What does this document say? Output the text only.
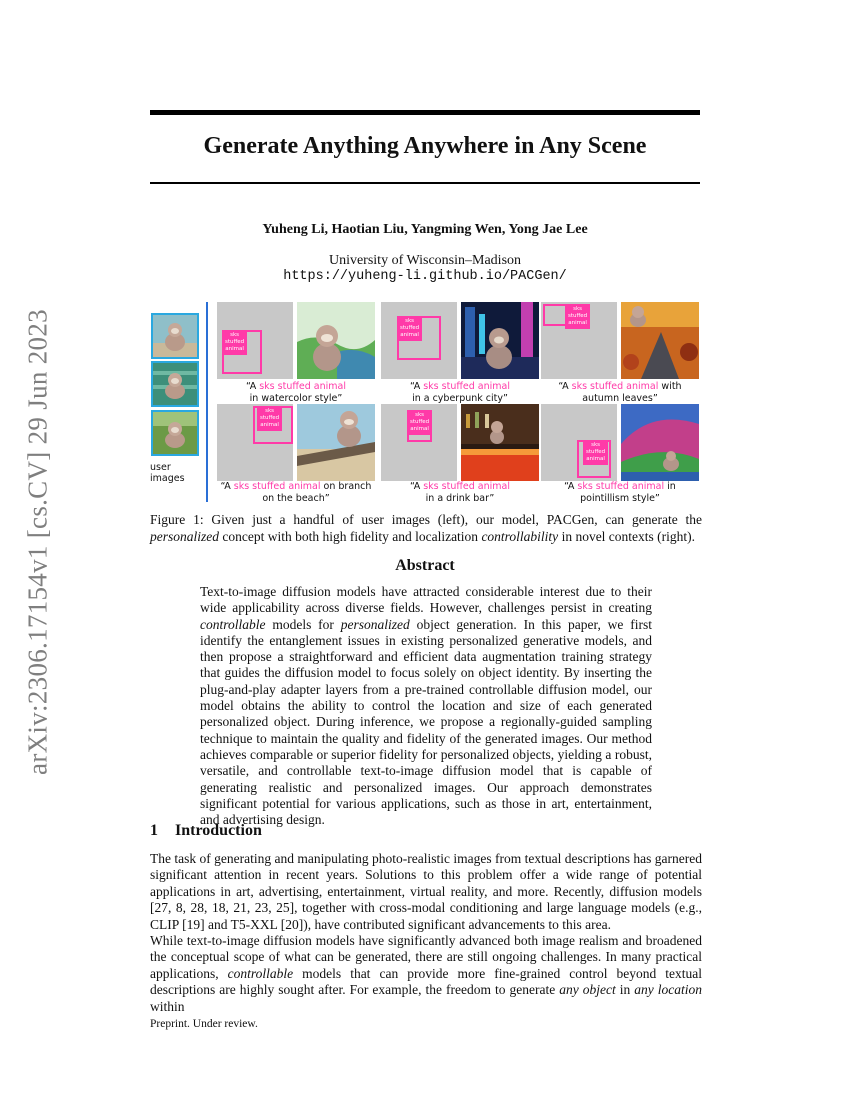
arXiv:2306.17154v1 [cs.CV] 29 Jun 2023
Generate Anything Anywhere in Any Scene
Yuheng Li, Haotian Liu, Yangming Wen, Yong Jae Lee
University of Wisconsin–Madison
https://yuheng-li.github.io/PACGen/
user images
sks
stuffed
animal
“A sks stuffed animal
in watercolor style”
sks
stuffed
animal
“A sks stuffed animal
in a cyberpunk city”
sks
stuffed animal
“A sks stuffed animal with
autumn leaves”
sks
stuffed
animal
“A sks stuffed animal on branch
on the beach”
sks
stuffed
animal
“A sks stuffed animal
in a drink bar”
sks
stuffed
animal
“A sks stuffed animal in
pointillism style”
Figure 1: Given just a handful of user images (left), our model, PACGen, can generate the personalized concept with both high fidelity and localization controllability in novel contexts (right).
Abstract
Text-to-image diffusion models have attracted considerable interest due to their wide applicability across diverse fields. However, challenges persist in creating controllable models for personalized object generation. In this paper, we first identify the entanglement issues in existing personalized generative models, and then propose a straightforward and efficient data augmentation training strategy that guides the diffusion model to focus solely on object identity. By inserting the plug-and-play adapter layers from a pre-trained controllable diffusion model, our model obtains the ability to control the location and size of each generated personalized object. During inference, we propose a regionally-guided sampling technique to maintain the quality and fidelity of the generated images. Our method achieves comparable or superior fidelity for personalized objects, yielding a robust, versatile, and controllable text-to-image diffusion model that is capable of generating realistic and personalized images. Our approach demonstrates significant potential for various applications, such as those in art, entertainment, and advertising design.
1 Introduction
The task of generating and manipulating photo-realistic images from textual descriptions has garnered significant attention in recent years. Solutions to this problem offer a wide range of potential applications in art, advertising, entertainment, virtual reality, and more. Recently, diffusion models [27, 8, 28, 18, 21, 23, 25], together with cross-modal conditioning and large language models (e.g., CLIP [19] and T5-XXL [20]), have contributed significant advancements to this area.
While text-to-image diffusion models have significantly advanced both image realism and broadened the conceptual scope of what can be generated, there are still ongoing challenges. In many practical applications, controllable models that can provide more fine-grained control beyond textual descriptions are highly sought after. For example, the freedom to generate any object in any location within
Preprint. Under review.
